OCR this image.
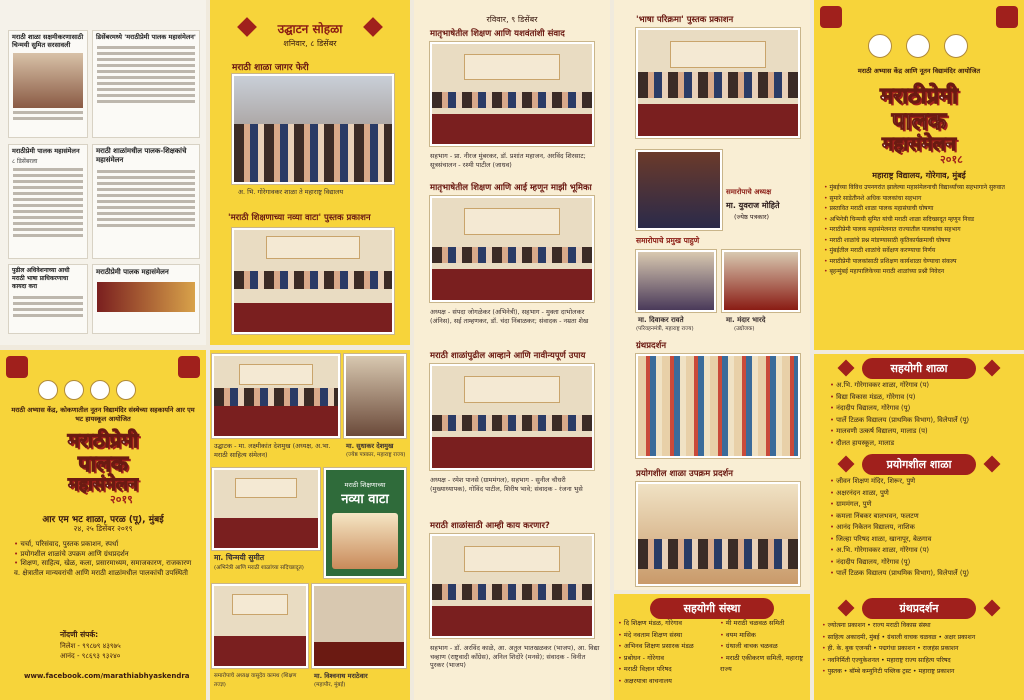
मराठी शाळा सक्षमीकरणासाठी चिन्मयी सुमित सरसावली
डिसेंबरमध्ये 'मराठीप्रेमी पालक महासंमेलन'
मराठीप्रेमी पालक महासंमेलन
८ डिसेंबरला
मराठी शाळांमधील पालक-शिक्षकांचे महासंमेलन
पुढील अधिवेशनाच्या आधी मराठी भाषा प्राधिकरणाचा कायदा करा
मराठीप्रेमी पालक महासंमेलन
मराठी अभ्यास केंद्र, कोकणातील नूतन विद्यामंदिर संस्थेच्या सहकार्याने आर एम भट हायस्कूल आयोजित
मराठीप्रेमी
पालक
महासंमेलन
२०१९
आर एम भट शाळा, परळ (पू), मुंबई
२४, २५ डिसेंबर २०१९
• चर्चा, परिसंवाद, पुस्तक प्रकाशन, स्पर्धा
• प्रयोगशील शाळांचे उपक्रम आणि ग्रंथप्रदर्शन
• शिक्षण, साहित्य, खेळ, कला, प्रसारमाध्यम, समाजकारण, राजकारण व. क्षेत्रातील मान्यवरांची आणि मराठी शाळांमधील पालकांची उपस्थिती
नोंदणी संपर्क:
निलेश - ९९८७९ ४३९७५
आनंद - ९८६९३ ९३२४०
www.facebook.com/marathiabhyaskendra
उद्घाटन सोहळा
शनिवार, ८ डिसेंबर
मराठी शाळा जागर फेरी
अ. भि. गोरेगावकर शाळा ते महाराष्ट्र विद्यालय
'मराठी शिक्षणाच्या नव्या वाटा' पुस्तक प्रकाशन
उद्घाटक - मा. लक्ष्मीकांत देशमुख (अध्यक्ष, अ.भा. मराठी साहित्य संमेलन)
मा. सुधाकर देशमुख
(ज्येष्ठ पत्रकार, महाराष्ट्र राज्य)
मराठी शिक्षणाच्या
नव्या वाटा
मा. चिन्मयी सुमीत
(अभिनेत्री आणि मराठी शाळांच्या सदिच्छादूत)
समारोपाचे अध्यक्ष वासुदेव कामथ (शिक्षण तज्ज्ञ)
मा. विश्वनाथ मराठेवार
(महापौर, मुंबई)
रविवार, ९ डिसेंबर
मातृभाषेतील शिक्षण आणि यशवंतांशी संवाद
सहभाग - प्रा. नीरज मुंबरकर, डॉ. प्रशांत महाजन, अरविंद शिरसाट; सूत्रसंचालन - रश्मी पाटील (जाधव)
मातृभाषेतील शिक्षण आणि आई म्हणून माझी भूमिका
अध्यक्ष - संपदा जोगळेकर (अभिनेत्री), सहभाग - मुक्ता दाभोलकर (अंनिस), सई ताम्हणकर, डॉ. चंदा निंबाळकर; संवादक - नम्रता शेख
मराठी शाळांपुढील आव्हाने आणि नावीन्यपूर्ण उपाय
अध्यक्ष - रमेश पानसे (ग्राममंगल), सहभाग - सुनील चौधरी (मुख्याध्यापक), गोविंद पाटील, शिरीष भावे; संवादक - रंजना भुसे
मराठी शाळांसाठी आम्ही काय करणार?
सहभाग - डॉ. अरविंद काळे, आ. अतुल भातखळकर (भाजप), आ. विद्या चव्हाण (राष्ट्रवादी काँग्रेस), अनिल शिदोरे (मनसे); संवादक - विनीत पुरकर (भाजप)
'भाषा परिक्रमा' पुस्तक प्रकाशन
समारोपाचे अध्यक्ष
मा. युवराज मोहिते
(ज्येष्ठ पत्रकार)
समारोपाचे प्रमुख पाहुणे
मा. दिवाकर रावते
(परिवहनमंत्री, महाराष्ट्र राज्य)
मा. मंदार भारदे
(उद्योजक)
ग्रंथप्रदर्शन
प्रयोगशील शाळा उपक्रम प्रदर्शन
सहयोगी संस्था
• दि शिक्षण मंडळ, गोरेगाव
• मंदे नवताम शिक्षण संस्था
• अभिनव शिक्षण प्रसारक मंडळ
• प्रबोधन - गोरेगाव
• मराठी विज्ञान परिषद
• अक्षरयात्रा वाचनालय
• मी मराठी चळवळ समिती
• वयम मासिक
• ग्रंथाली वाचक चळवळ
• मराठी एकीकरण समिती, महाराष्ट्र राज्य
मराठी अभ्यास केंद्र आणि नूतन विद्यामंदिर आयोजित
मराठीप्रेमी
पालक
महासंमेलन
२०१८
महाराष्ट्र विद्यालय, गोरेगाव, मुंबई
• मुंबईच्या विविध उपनगरांत झालेल्या महासंमेलनाची विद्यार्थ्यांच्या सहभागाने सुरुवात
• सुमारे साडेतीनशे अधिक पालकांचा सहभाग
• प्रस्तावित मराठी शाळा पालक महासंघाची घोषणा
• अभिनेत्री चिन्मयी सुमित यांची मराठी शाळा सदिच्छादूत म्हणून निवड
• मराठीप्रेमी पालक महासंमेलनात राज्यातील पालकांचा सहभाग
• मराठी शाळांचे प्रश्न मांडण्यासाठी कृतिकार्यक्रमाची घोषणा
• मुंबईतील मराठी शाळांचे सर्वेक्षण करण्याचा निर्णय
• मराठीप्रेमी पालकांसाठी प्रशिक्षण कार्यशाळा घेण्याचा संकल्प
• बृहन्मुंबई महापालिकेच्या मराठी शाळांच्या प्रश्नी निवेदन
सहयोगी शाळा
• अ.भि. गोरेगावकर शाळा, गोरेगाव (प)
• विद्या विकास मंडळ, गोरेगाव (प)
• नंदादीप विद्यालय, गोरेगाव (पू)
• पार्ले टिळक विद्यालय (प्राथमिक विभाग), विलेपार्ले (पू)
• मालवणी उत्कर्ष विद्यालय, मालाड (प)
• दौलत हायस्कूल, मालाड
प्रयोगशील शाळा
• जीवन शिक्षण मंदिर, शिरूर, पुणे
• अक्षरनंदन शाळा, पुणे
• ग्राममंगल, पुणे
• कमला निंबकर बालभवन, फलटण
• आनंद निकेतन विद्यालय, नाशिक
• जिल्हा परिषद शाळा, खानापूर, बेळगाव
• अ.भि. गोरेगावकर शाळा, गोरेगाव (प)
• नंदादीप विद्यालय, गोरेगाव (पू)
• पार्ले टिळक विद्यालय (प्राथमिक विभाग), विलेपार्ले (पू)
ग्रंथप्रदर्शन
• ज्योत्स्ना प्रकाशन • राज्य मराठी विकास संस्था
• साहित्य अकादमी, मुंबई • ग्रंथाली वाचक चळवळ • अक्षर प्रकाशन
• ही. के. बुक एजन्सी • पद्मगंधा प्रकाशन • राजहंस प्रकाशन
• नवनिर्मिती एज्युकेशनल • महाराष्ट्र राज्य साहित्य परिषद
• पुस्तक • बॉम्बे कम्युनिटी पब्लिक ट्रस्ट • महाराष्ट्र प्रकाशन
